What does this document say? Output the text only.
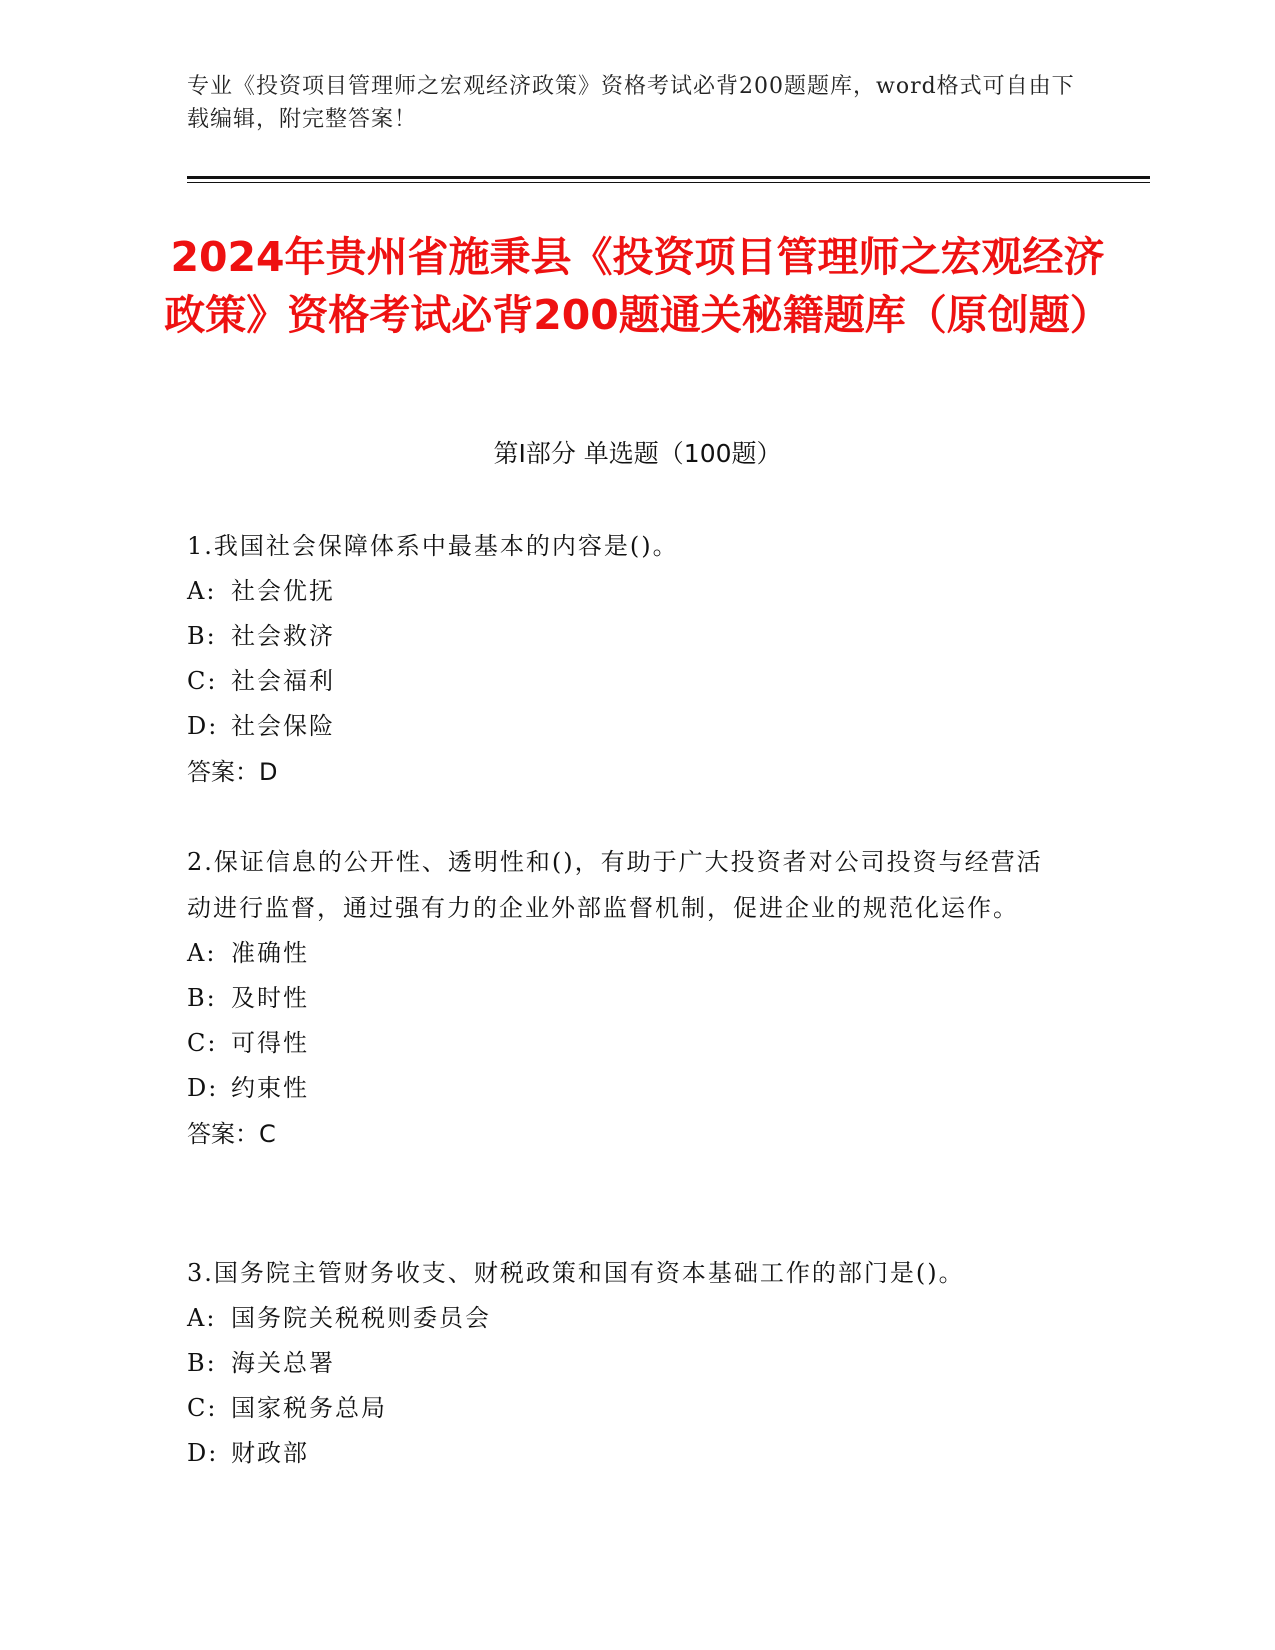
专业《投资项目管理师之宏观经济政策》资格考试必背200题题库，word格式可自由下载编辑，附完整答案！
2024年贵州省施秉县《投资项目管理师之宏观经济政策》资格考试必背200题通关秘籍题库（原创题）
第I部分 单选题（100题）

1.我国社会保障体系中最基本的内容是()。

A: 社会优抚

B: 社会救济

C: 社会福利

D: 社会保险

答案：D

2.保证信息的公开性、透明性和()，有助于广大投资者对公司投资与经营活动进行监督，通过强有力的企业外部监督机制，促进企业的规范化运作。

A: 准确性

B: 及时性

C: 可得性

D: 约束性

答案：C

3.国务院主管财务收支、财税政策和国有资本基础工作的部门是()。

A: 国务院关税税则委员会

B: 海关总署

C: 国家税务总局

D: 财政部
